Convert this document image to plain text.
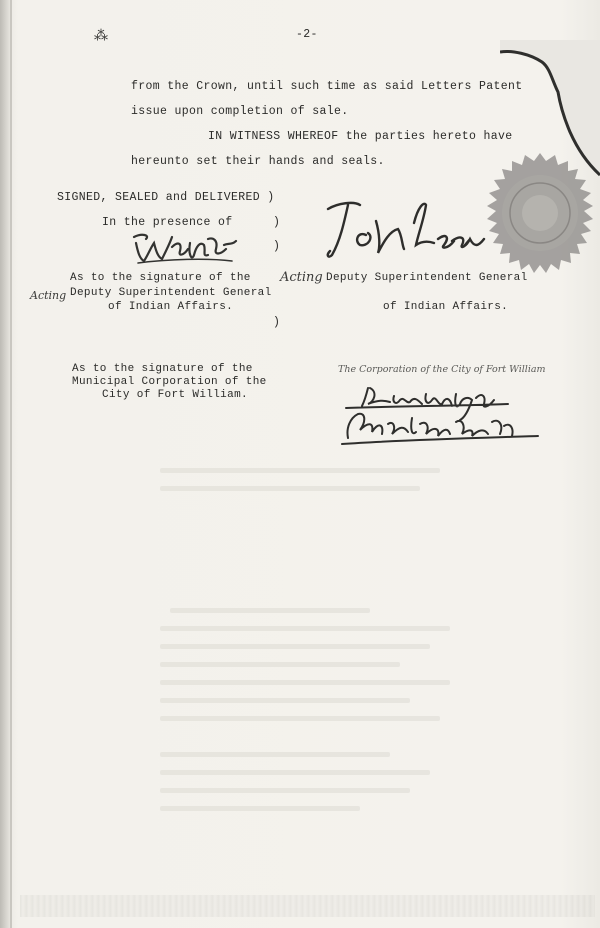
-2-
⁂
from the Crown, until such time as said Letters Patent
issue upon completion of sale.
IN WITNESS WHEREOF the parties hereto have
hereunto set their hands and seals.
SIGNED, SEALED and DELIVERED )
In the presence of	)
)
As to the signature of the
Acting Deputy Superintendent General
of Indian Affairs.
)
Acting Deputy Superintendent General
of Indian Affairs.
As to the signature of the
Municipal Corporation of the
City of Fort William.
The Corporation of the City of Fort William
